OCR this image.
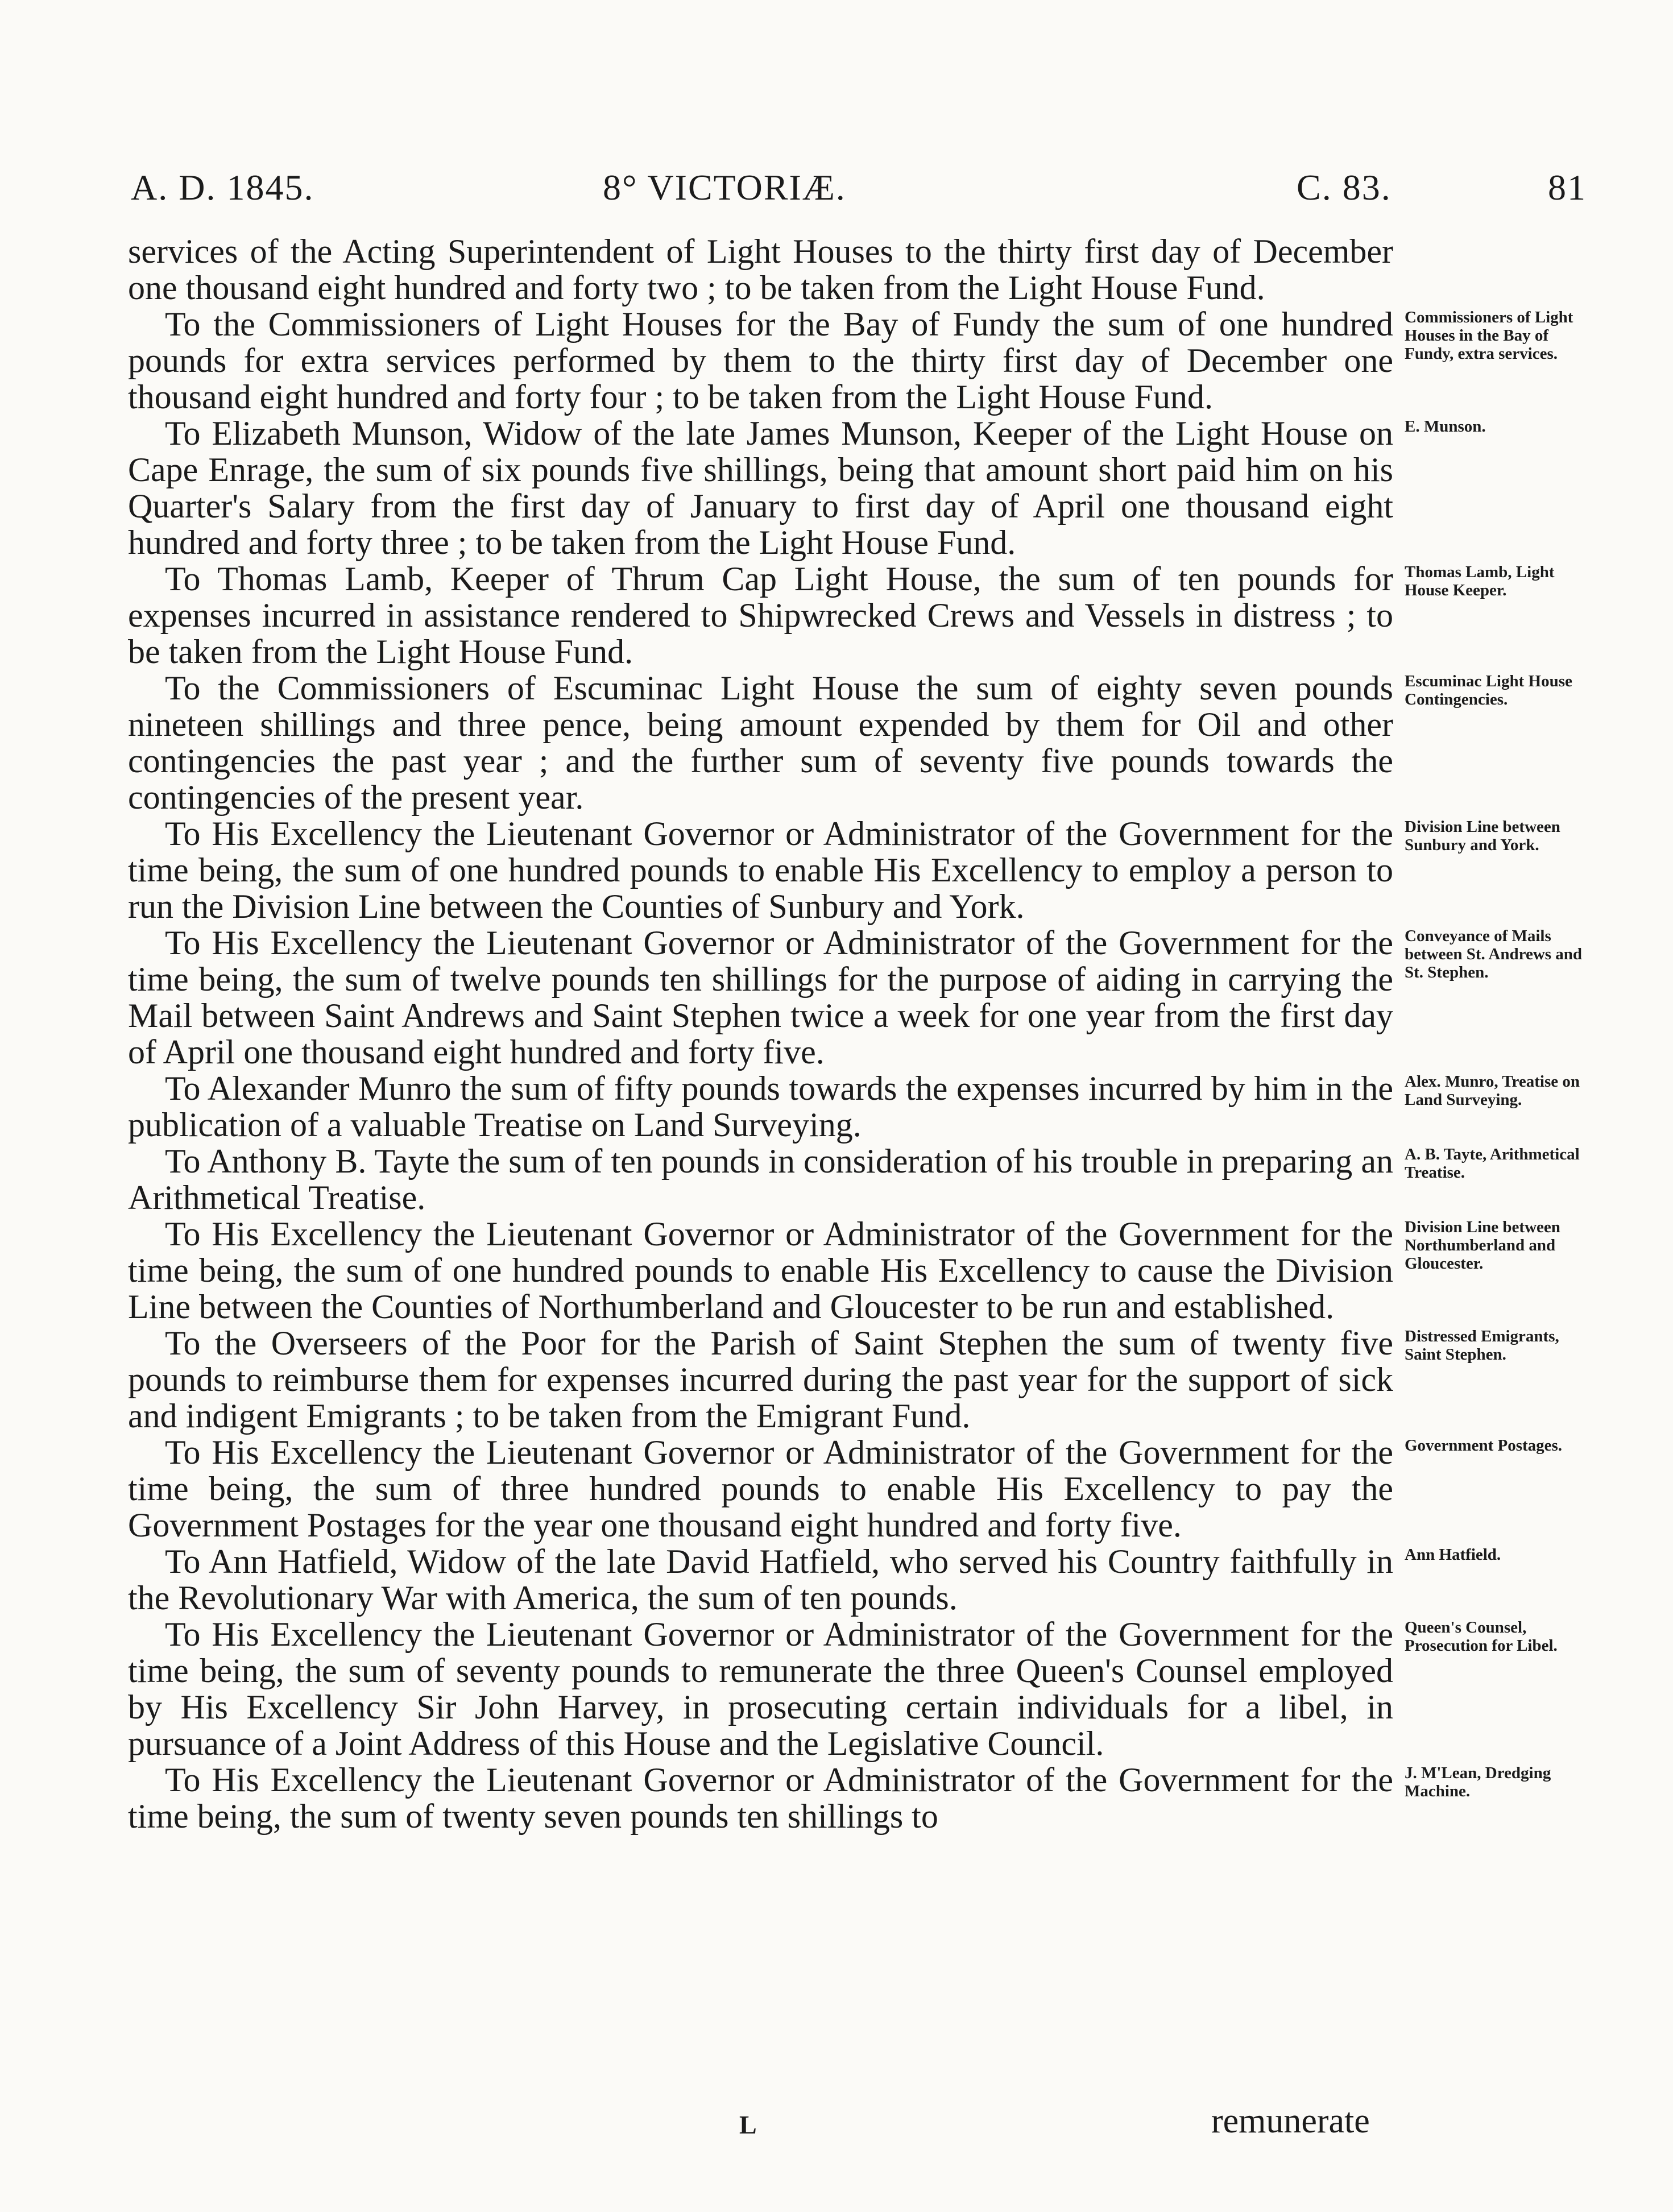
A. D. 1845.	8° VICTORIÆ.	C. 83.	81

services of the Acting Superintendent of Light Houses to the thirty first day of December one thousand eight hundred and forty two ; to be taken from the Light House Fund.

To the Commissioners of Light Houses for the Bay of Fundy the sum of one hundred pounds for extra services performed by them to the thirty first day of December one thousand eight hundred and forty four ; to be taken from the Light House Fund.

To Elizabeth Munson, Widow of the late James Munson, Keeper of the Light House on Cape Enrage, the sum of six pounds five shillings, being that amount short paid him on his Quarter's Salary from the first day of January to first day of April one thousand eight hundred and forty three ; to be taken from the Light House Fund.

To Thomas Lamb, Keeper of Thrum Cap Light House, the sum of ten pounds for expenses incurred in assistance rendered to Shipwrecked Crews and Vessels in distress ; to be taken from the Light House Fund.

To the Commissioners of Escuminac Light House the sum of eighty seven pounds nineteen shillings and three pence, being amount expended by them for Oil and other contingencies the past year ; and the further sum of seventy five pounds towards the contingencies of the present year.

To His Excellency the Lieutenant Governor or Administrator of the Government for the time being, the sum of one hundred pounds to enable His Excellency to employ a person to run the Division Line between the Counties of Sunbury and York.

To His Excellency the Lieutenant Governor or Administrator of the Government for the time being, the sum of twelve pounds ten shillings for the purpose of aiding in carrying the Mail between Saint Andrews and Saint Stephen twice a week for one year from the first day of April one thousand eight hundred and forty five.

To Alexander Munro the sum of fifty pounds towards the expenses incurred by him in the publication of a valuable Treatise on Land Surveying.

To Anthony B. Tayte the sum of ten pounds in consideration of his trouble in preparing an Arithmetical Treatise.

To His Excellency the Lieutenant Governor or Administrator of the Government for the time being, the sum of one hundred pounds to enable His Excellency to cause the Division Line between the Counties of Northumberland and Gloucester to be run and established.

To the Overseers of the Poor for the Parish of Saint Stephen the sum of twenty five pounds to reimburse them for expenses incurred during the past year for the support of sick and indigent Emigrants ; to be taken from the Emigrant Fund.

To His Excellency the Lieutenant Governor or Administrator of the Government for the time being, the sum of three hundred pounds to enable His Excellency to pay the Government Postages for the year one thousand eight hundred and forty five.

To Ann Hatfield, Widow of the late David Hatfield, who served his Country faithfully in the Revolutionary War with America, the sum of ten pounds.

To His Excellency the Lieutenant Governor or Administrator of the Government for the time being, the sum of seventy pounds to remunerate the three Queen's Counsel employed by His Excellency Sir John Harvey, in prosecuting certain individuals for a libel, in pursuance of a Joint Address of this House and the Legislative Council.

To His Excellency the Lieutenant Governor or Administrator of the Government for the time being, the sum of twenty seven pounds ten shillings to

Commissioners of Light Houses in the Bay of Fundy, extra services.
E. Munson.
Thomas Lamb, Light House Keeper.
Escuminac Light House Contingencies.
Division Line between Sunbury and York.
Conveyance of Mails between St. Andrews and St. Stephen.
Alex. Munro, Treatise on Land Surveying.
A. B. Tayte, Arithmetical Treatise.
Division Line between Northumberland and Gloucester.
Distressed Emigrants, Saint Stephen.
Government Postages.
Ann Hatfield.
Queen's Counsel, Prosecution for Libel.
J. M'Lean, Dredging Machine.
L	remunerate
